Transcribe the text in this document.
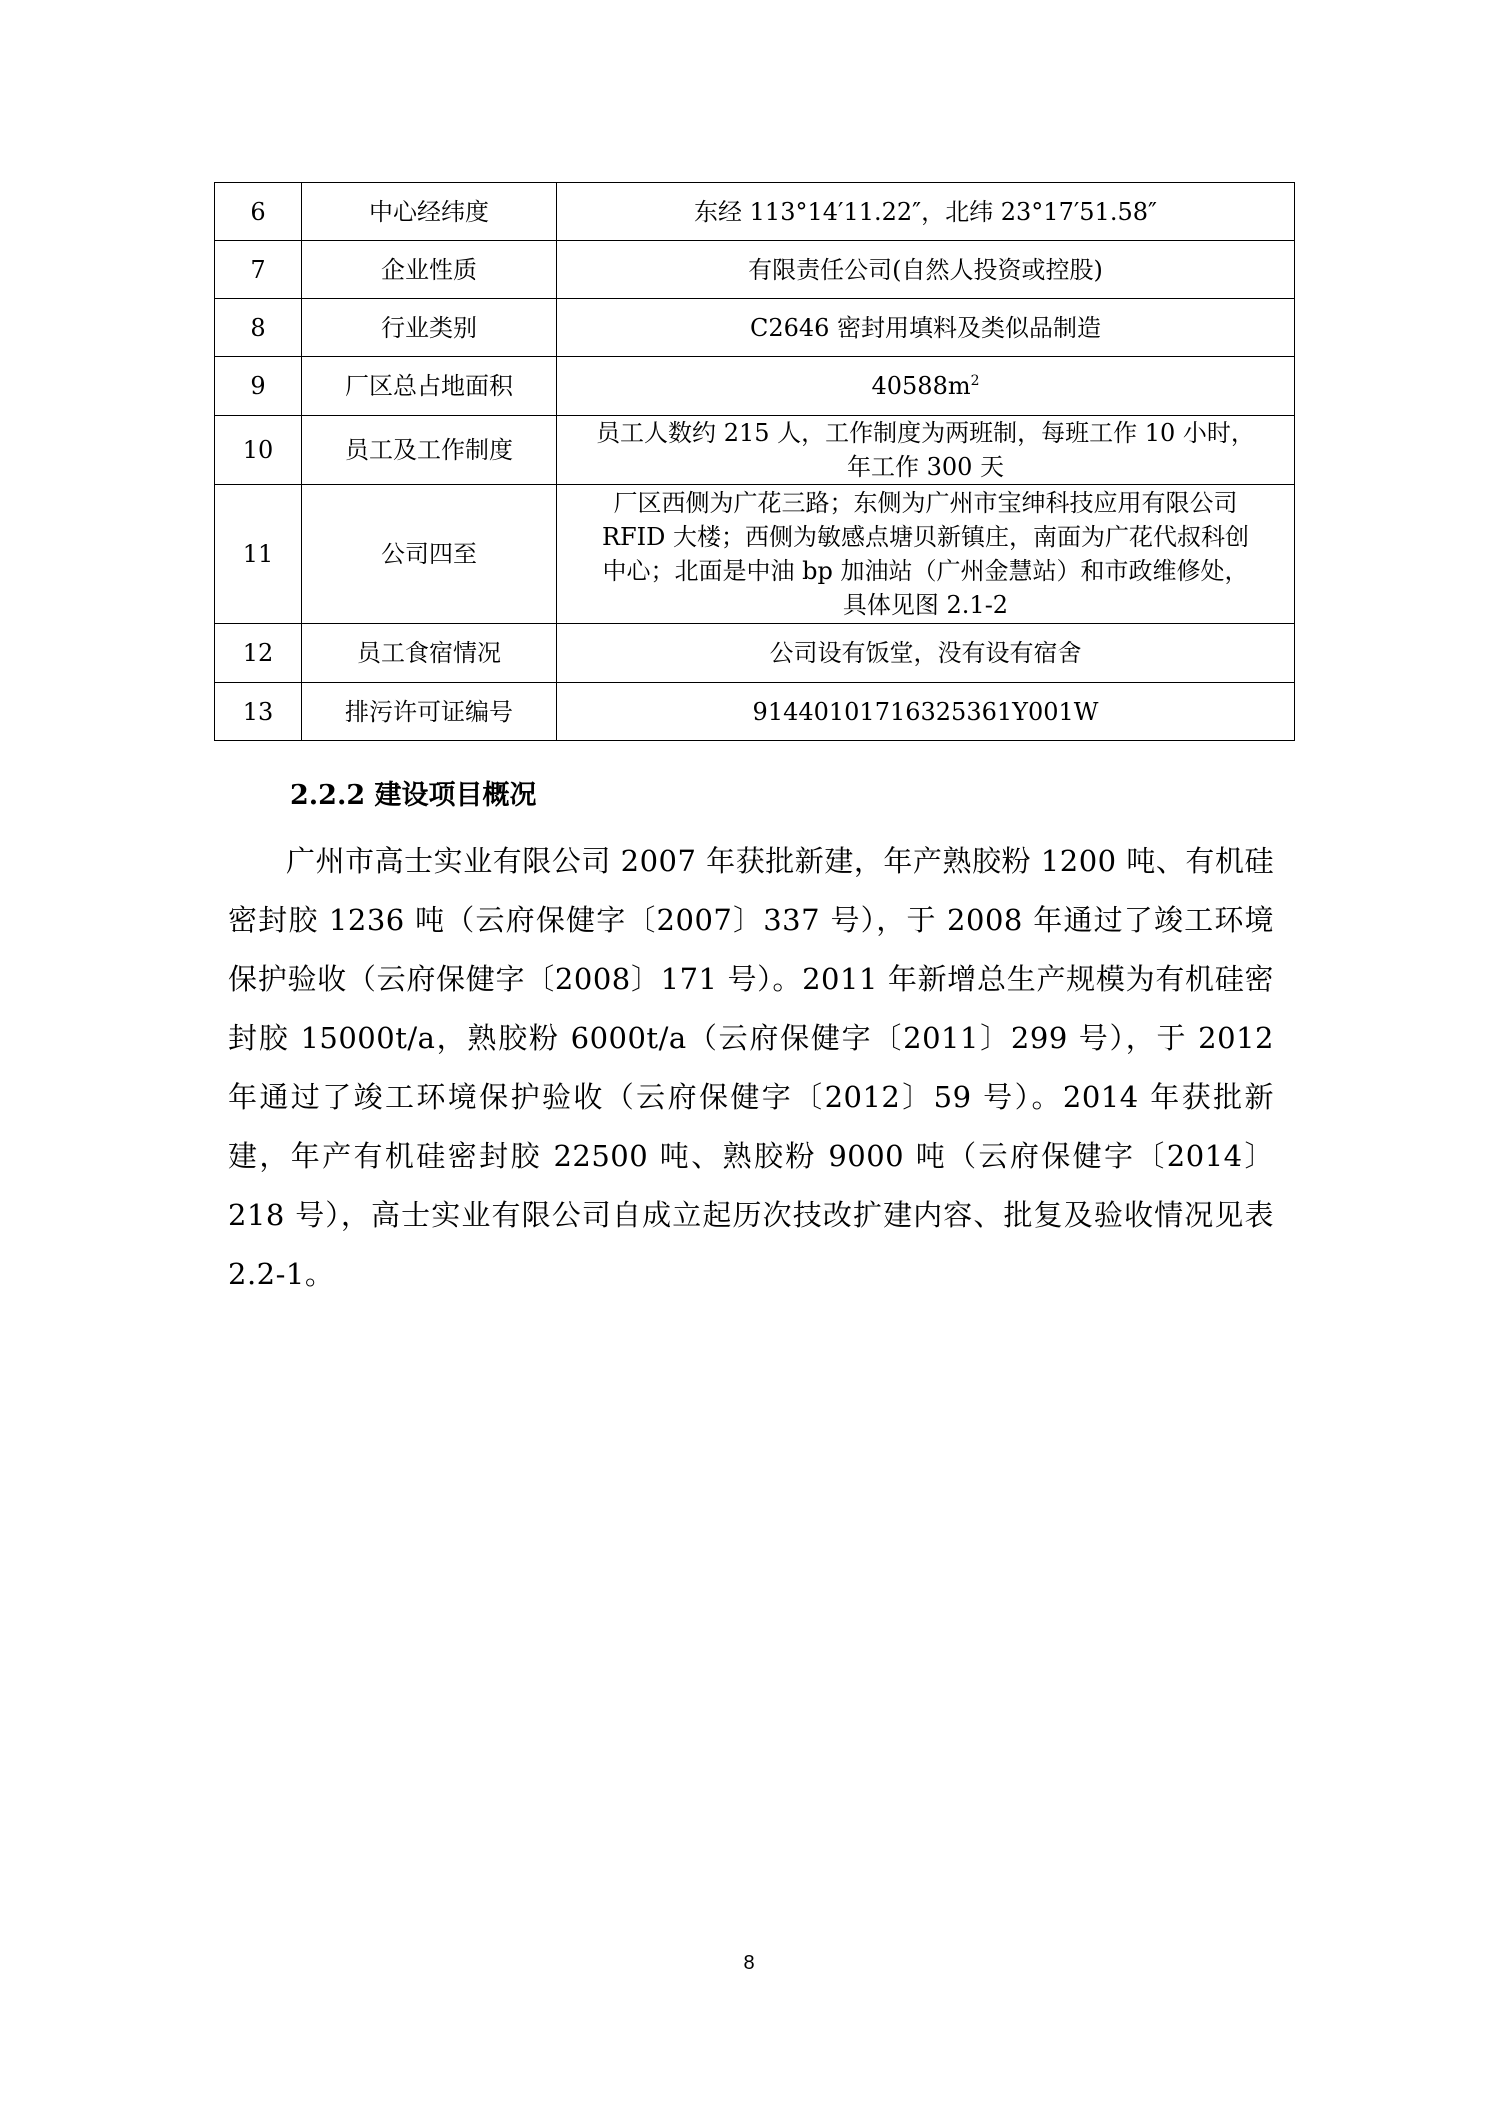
6	中心经纬度	东经 113°14′11.22″，北纬 23°17′51.58″
7	企业性质	有限责任公司(自然人投资或控股)
8	行业类别	C2646 密封用填料及类似品制造
9	厂区总占地面积	$40588m^2$
10	员工及工作制度	员工人数约 215 人，工作制度为两班制，每班工作 10 小时，
年工作 300 天

11	公司四至	厂区西侧为广花三路；东侧为广州市宝绅科技应用有限公司
RFID 大楼；西侧为敏感点塘贝新镇庄，南面为广花代叔科创
中心；北面是中油 bp 加油站（广州金慧站）和市政维修处，
具体见图 2.1-2

12	员工食宿情况	公司设有饭堂，没有设有宿舍
13	排污许可证编号	91440101716325361Y001W
2.2.2 建设项目概况

广州市高士实业有限公司 2007 年获批新建，年产熟胶粉 1200 吨、有机硅密封胶 1236 吨（云府保健字〔2007〕337 号），于 2008 年通过了竣工环境保护验收（云府保健字〔2008〕171 号）。2011 年新增总生产规模为有机硅密封胶 15000t/a，熟胶粉 6000t/a（云府保健字〔2011〕299 号），于 2012 年通过了竣工环境保护验收（云府保健字〔2012〕59 号）。2014 年获批新建，年产有机硅密封胶 22500 吨、熟胶粉 9000 吨（云府保健字〔2014〕218 号），高士实业有限公司自成立起历次技改扩建内容、批复及验收情况见表 2.2-1。

8
